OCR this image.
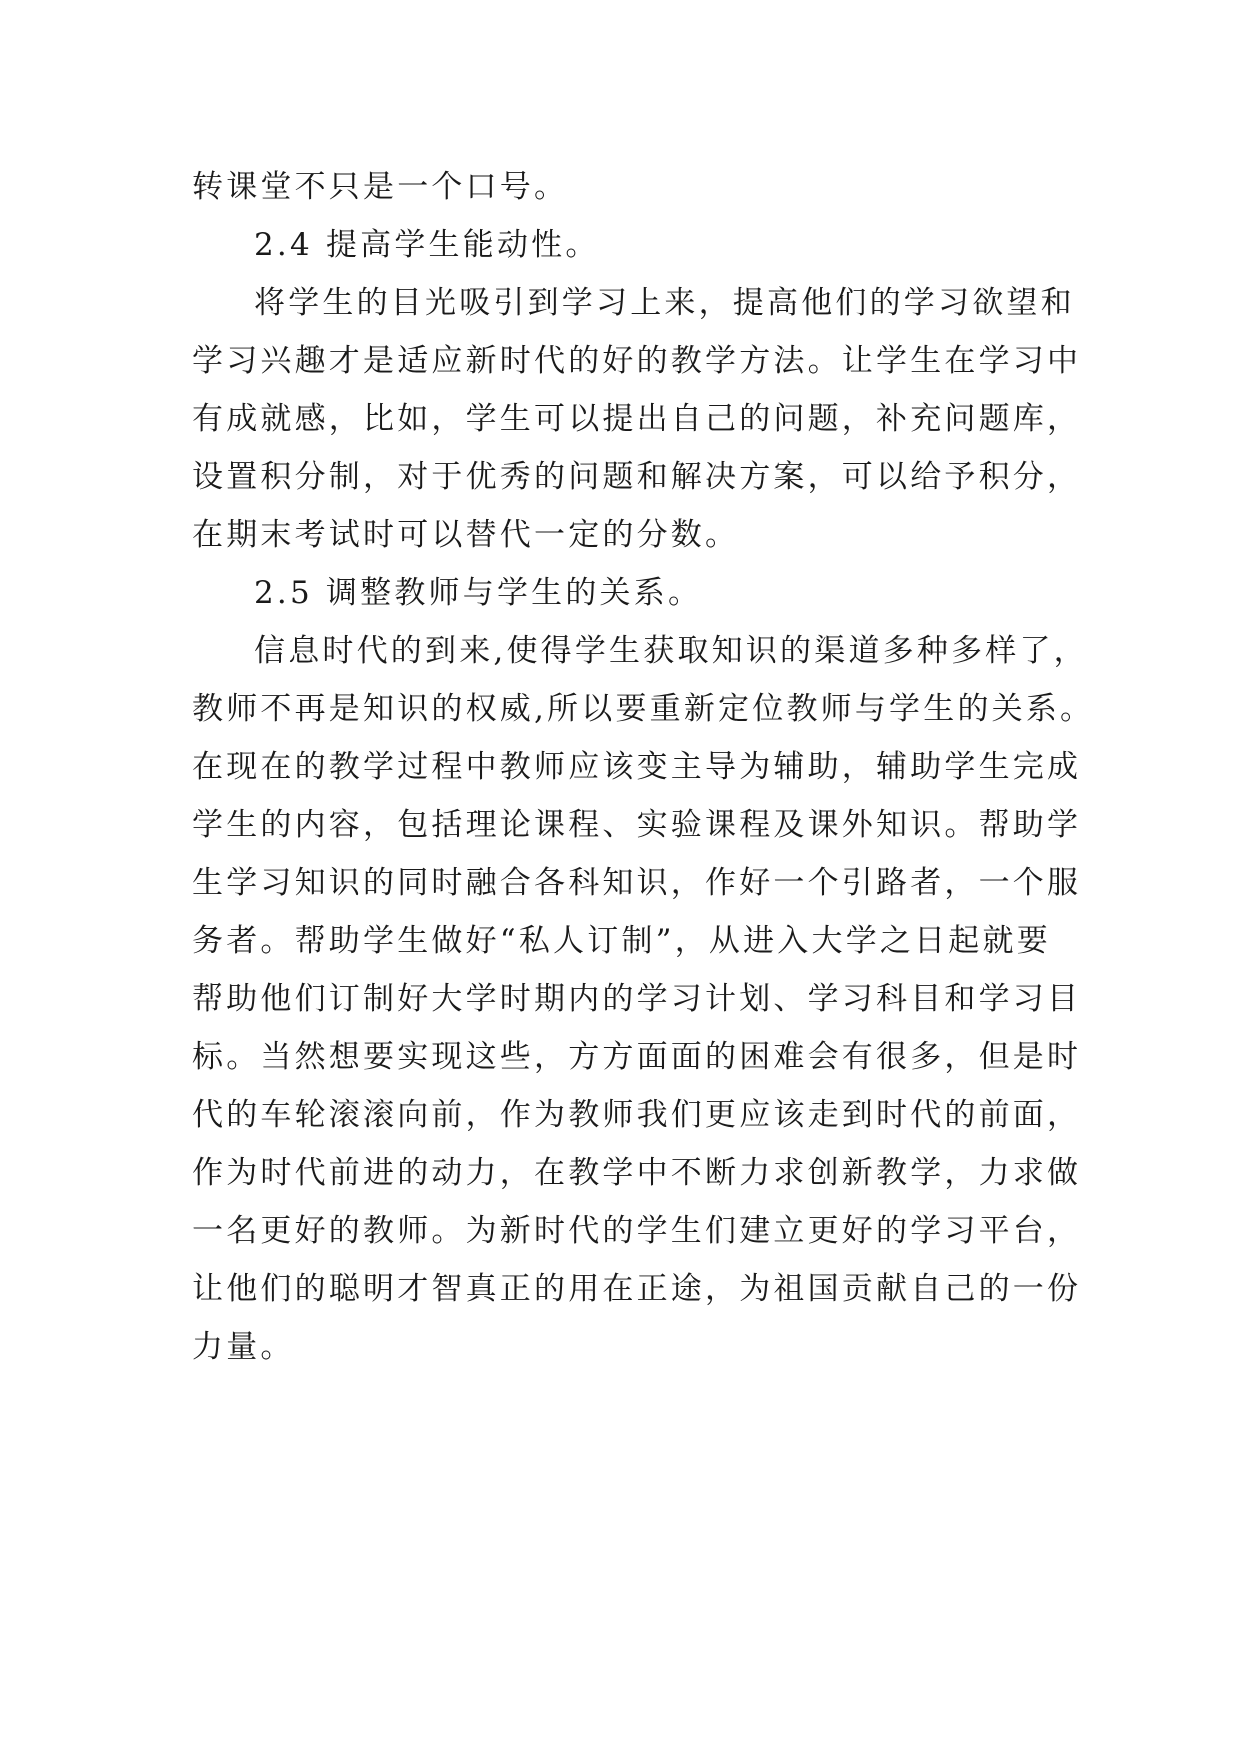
转课堂不只是一个口号。
2.4 提高学生能动性。
将学生的目光吸引到学习上来，提高他们的学习欲望和
学习兴趣才是适应新时代的好的教学方法。让学生在学习中
有成就感，比如，学生可以提出自己的问题，补充问题库，
设置积分制，对于优秀的问题和解决方案，可以给予积分，
在期末考试时可以替代一定的分数。
2.5 调整教师与学生的关系。
信息时代的到来,使得学生获取知识的渠道多种多样了，
教师不再是知识的权威,所以要重新定位教师与学生的关系。
在现在的教学过程中教师应该变主导为辅助，辅助学生完成
学生的内容，包括理论课程、实验课程及课外知识。帮助学
生学习知识的同时融合各科知识，作好一个引路者，一个服
务者。帮助学生做好“私人订制”，从进入大学之日起就要
帮助他们订制好大学时期内的学习计划、学习科目和学习目
标。当然想要实现这些，方方面面的困难会有很多，但是时
代的车轮滚滚向前，作为教师我们更应该走到时代的前面，
作为时代前进的动力，在教学中不断力求创新教学，力求做
一名更好的教师。为新时代的学生们建立更好的学习平台，
让他们的聪明才智真正的用在正途，为祖国贡献自己的一份
力量。
